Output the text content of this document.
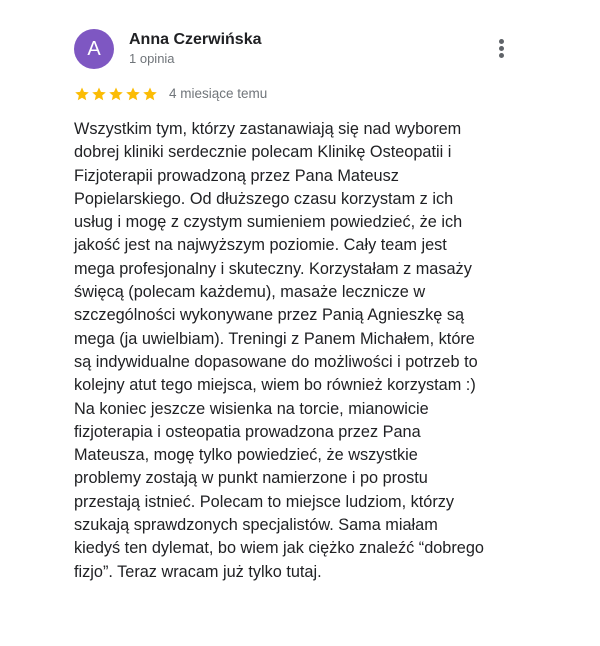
A	Anna Czerwińska
1 opinia
4 miesiące temu

Wszystkim tym, którzy zastanawiają się nad wyborem
dobrej kliniki serdecznie polecam Klinikę Osteopatii i
Fizjoterapii prowadzoną przez Pana Mateusz
Popielarskiego. Od dłuższego czasu korzystam z ich
usług i mogę z czystym sumieniem powiedzieć, że ich
jakość jest na najwyższym poziomie. Cały team jest
mega profesjonalny i skuteczny. Korzystałam z masaży
święcą (polecam każdemu), masaże lecznicze w
szczególności wykonywane przez Panią Agnieszkę są
mega (ja uwielbiam). Treningi z Panem Michałem, które
są indywidualne dopasowane do możliwości i potrzeb to
kolejny atut tego miejsca, wiem bo również korzystam :)
Na koniec jeszcze wisienka na torcie, mianowicie
fizjoterapia i osteopatia prowadzona przez Pana
Mateusza, mogę tylko powiedzieć, że wszystkie
problemy zostają w punkt namierzone i po prostu
przestają istnieć. Polecam to miejsce ludziom, którzy
szukają sprawdzonych specjalistów. Sama miałam
kiedyś ten dylemat, bo wiem jak ciężko znaleźć “dobrego
fizjo”. Teraz wracam już tylko tutaj.
